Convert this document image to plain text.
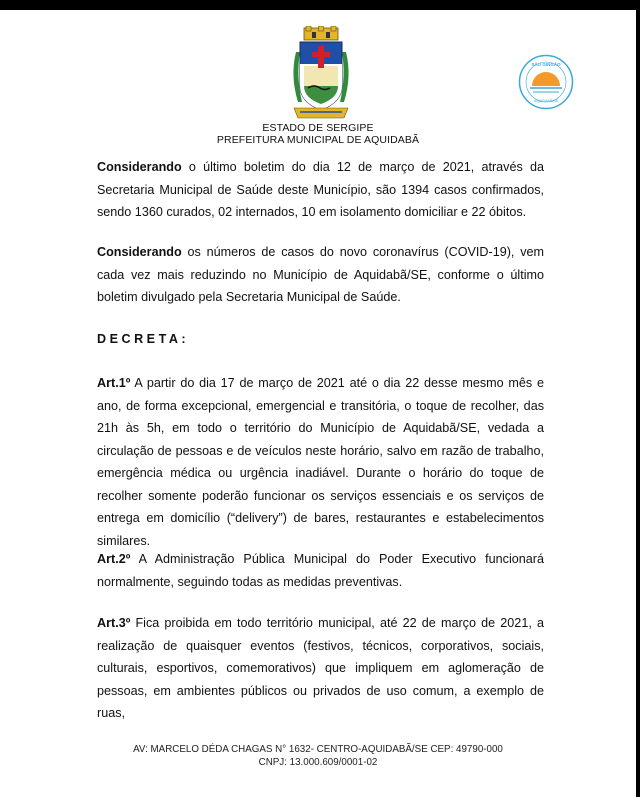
SÃO GINGÃO
AQUIDABÃ-SE
ESTADO DE SERGIPE
PREFEITURA MUNICIPAL DE AQUIDABÃ

Considerando o último boletim do dia 12 de março de 2021, através da Secretaria Municipal de Saúde deste Município, são 1394 casos confirmados, sendo 1360 curados, 02 internados, 10 em isolamento domiciliar e 22 óbitos.

Considerando os números de casos do novo coronavírus (COVID-19), vem cada vez mais reduzindo no Município de Aquidabã/SE, conforme o último boletim divulgado pela Secretaria Municipal de Saúde.

DECRETA:

Art.1º A partir do dia 17 de março de 2021 até o dia 22 desse mesmo mês e ano, de forma excepcional, emergencial e transitória, o toque de recolher, das 21h às 5h, em todo o território do Município de Aquidabã/SE, vedada a circulação de pessoas e de veículos neste horário, salvo em razão de trabalho, emergência médica ou urgência inadiável. Durante o horário do toque de recolher somente poderão funcionar os serviços essenciais e os serviços de entrega em domicílio (“delivery”) de bares, restaurantes e estabelecimentos similares.

Art.2º A Administração Pública Municipal do Poder Executivo funcionará normalmente, seguindo todas as medidas preventivas.

Art.3º Fica proibida em todo território municipal, até 22 de março de 2021, a realização de quaisquer eventos (festivos, técnicos, corporativos, sociais, culturais, esportivos, comemorativos) que impliquem em aglomeração de pessoas, em ambientes públicos ou privados de uso comum, a exemplo de ruas,

AV: MARCELO DÉDA CHAGAS N° 1632- CENTRO-AQUIDABÃ/SE CEP: 49790-000
CNPJ: 13.000.609/0001-02
